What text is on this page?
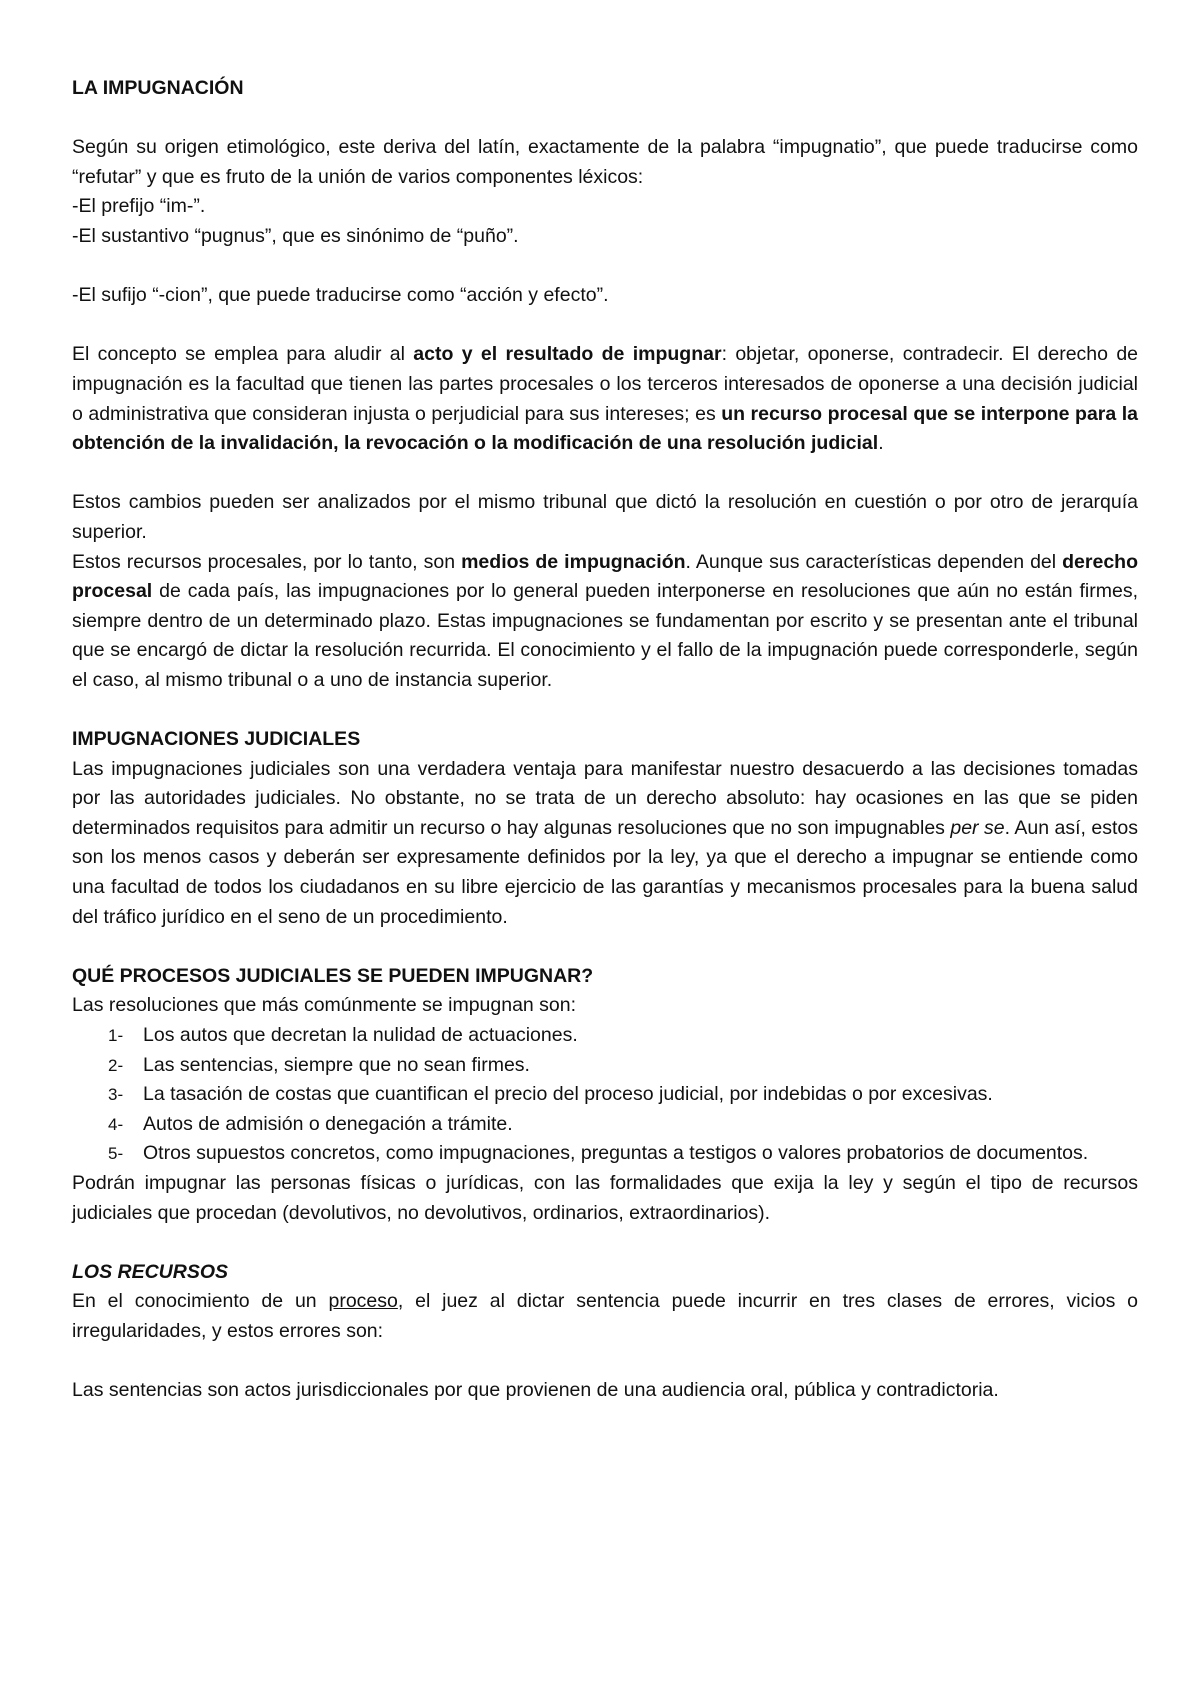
LA IMPUGNACIÓN

Según su origen etimológico, este deriva del latín, exactamente de la palabra “impugnatio”, que puede traducirse como “refutar” y que es fruto de la unión de varios componentes léxicos:

-El prefijo “im-”.

-El sustantivo “pugnus”, que es sinónimo de “puño”.

-El sufijo “-cion”, que puede traducirse como “acción y efecto”.

El concepto se emplea para aludir al acto y el resultado de impugnar: objetar, oponerse, contradecir. El derecho de impugnación es la facultad que tienen las partes procesales o los terceros interesados de oponerse a una decisión judicial o administrativa que consideran injusta o perjudicial para sus intereses; es un recurso procesal que se interpone para la obtención de la invalidación, la revocación o la modificación de una resolución judicial.

Estos cambios pueden ser analizados por el mismo tribunal que dictó la resolución en cuestión o por otro de jerarquía superior.

Estos recursos procesales, por lo tanto, son medios de impugnación. Aunque sus características dependen del derecho procesal de cada país, las impugnaciones por lo general pueden interponerse en resoluciones que aún no están firmes, siempre dentro de un determinado plazo. Estas impugnaciones se fundamentan por escrito y se presentan ante el tribunal que se encargó de dictar la resolución recurrida. El conocimiento y el fallo de la impugnación puede corresponderle, según el caso, al mismo tribunal o a uno de instancia superior.

IMPUGNACIONES JUDICIALES

Las impugnaciones judiciales son una verdadera ventaja para manifestar nuestro desacuerdo a las decisiones tomadas por las autoridades judiciales. No obstante, no se trata de un derecho absoluto: hay ocasiones en las que se piden determinados requisitos para admitir un recurso o hay algunas resoluciones que no son impugnables per se. Aun así, estos son los menos casos y deberán ser expresamente definidos por la ley, ya que el derecho a impugnar se entiende como una facultad de todos los ciudadanos en su libre ejercicio de las garantías y mecanismos procesales para la buena salud del tráfico jurídico en el seno de un procedimiento.

QUÉ PROCESOS JUDICIALES SE PUEDEN IMPUGNAR?

Las resoluciones que más comúnmente se impugnan son:

1- Los autos que decretan la nulidad de actuaciones.
2- Las sentencias, siempre que no sean firmes.
3- La tasación de costas que cuantifican el precio del proceso judicial, por indebidas o por excesivas.
4- Autos de admisión o denegación a trámite.
5- Otros supuestos concretos, como impugnaciones, preguntas a testigos o valores probatorios de documentos.

Podrán impugnar las personas físicas o jurídicas, con las formalidades que exija la ley y según el tipo de recursos judiciales que procedan (devolutivos, no devolutivos, ordinarios, extraordinarios).

LOS RECURSOS

En el conocimiento de un proceso, el juez al dictar sentencia puede incurrir en tres clases de errores, vicios o irregularidades, y estos errores son:

Las sentencias son actos jurisdiccionales por que provienen de una audiencia oral, pública y contradictoria.
